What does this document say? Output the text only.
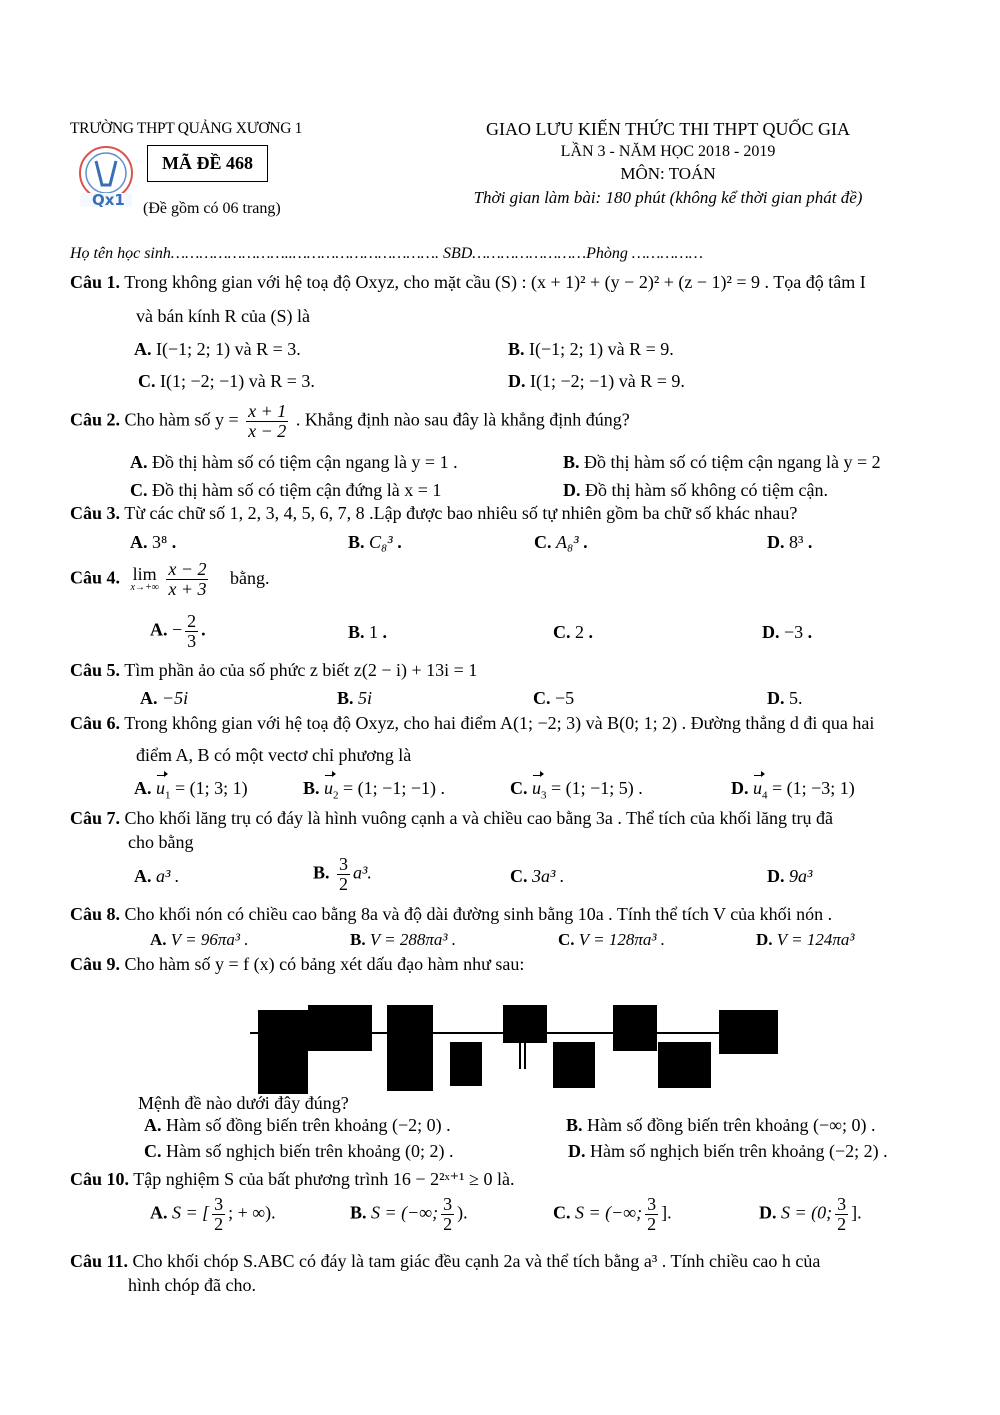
TRƯỜNG THPT QUẢNG XƯƠNG 1
Qx1
MÃ ĐỀ 468
(Đề gồm có 06 trang)
GIAO LƯU KIẾN THỨC THI THPT QUỐC GIA
LẦN 3 - NĂM HỌC 2018 - 2019
MÔN: TOÁN
Thời gian làm bài: 180 phút (không kể thời gian phát đề)
Họ tên học sinh……………………..…………………………. SBD……………………Phòng ……………
Câu 1. Trong không gian với hệ toạ độ Oxyz, cho mặt cầu (S) : (x + 1)² + (y − 2)² + (z − 1)² = 9 . Tọa độ tâm I
và bán kính R của (S) là
A. I(−1; 2; 1) và R = 3.	B. I(−1; 2; 1) và R = 9.
C. I(1; −2; −1) và R = 3.	D. I(1; −2; −1) và R = 9.
Câu 2. Cho hàm số $y = \frac{x + 1}{x - 2}$ . Khẳng định nào sau đây là khẳng định đúng?
A. Đồ thị hàm số có tiệm cận ngang là y = 1 .	B. Đồ thị hàm số có tiệm cận ngang là y = 2
C. Đồ thị hàm số có tiệm cận đứng là x = 1	D. Đồ thị hàm số không có tiệm cận.
Câu 3. Từ các chữ số 1, 2, 3, 4, 5, 6, 7, 8 .Lập được bao nhiêu số tự nhiên gồm ba chữ số khác nhau?
A. 3⁸ .	B. C₈³ .	C. A₈³ .	D. 8³ .
Câu 4. lim
x→+∞
$\frac{x - 2}{x + 3}$ bằng.
A. − $\frac{2}{3}$ .	B. 1 .	C. 2 .	D. −3 .
Câu 5. Tìm phần ảo của số phức z biết z(2 − i) + 13i = 1
A. −5i	B. 5i	C. −5	D. 5.
Câu 6. Trong không gian với hệ toạ độ Oxyz, cho hai điểm A(1; −2; 3) và B(0; 1; 2) . Đường thẳng d đi qua hai
điểm A, B có một vectơ chỉ phương là
A. $u_1 = (1$; 3; 1)	B. $u_2 = (1$; −1; −1) .	C. $u_3 = (1$; −1; 5) .	D. $u_4 = (1$; −3; 1)
Câu 7. Cho khối lăng trụ có đáy là hình vuông cạnh a và chiều cao bằng 3a . Thể tích của khối lăng trụ đã
cho bằng
A. a³ .	B. $\frac{3}{2} a^3$.	C. 3a³ .	D. 9a³
Câu 8. Cho khối nón có chiều cao bằng 8a và độ dài đường sinh bằng 10a . Tính thể tích V của khối nón .
A. V = 96πa³ .	B. V = 288πa³ .	C. V = 128πa³ .	D. V = 124πa³
Câu 9. Cho hàm số y = f (x) có bảng xét dấu đạo hàm như sau:
Mệnh đề nào dưới đây đúng?
A. Hàm số đồng biến trên khoảng (−2; 0) .	B. Hàm số đồng biến trên khoảng (−∞; 0) .
C. Hàm số nghịch biến trên khoảng (0; 2) .	D. Hàm số nghịch biến trên khoảng (−2; 2) .
Câu 10. Tập nghiệm S của bất phương trình 16 − 2²ˣ⁺¹ ≥ 0 là.
A. S = [ $\frac{3}{2}$ ; + ∞).	B. S = (−∞; $\frac{3}{2}$ ).	C. S = (−∞; $\frac{3}{2}$ ].	D. S = (0; $\frac{3}{2}$ ].
Câu 11. Cho khối chóp S.ABC có đáy là tam giác đều cạnh 2a và thể tích bằng a³ . Tính chiều cao h của
hình chóp đã cho.
